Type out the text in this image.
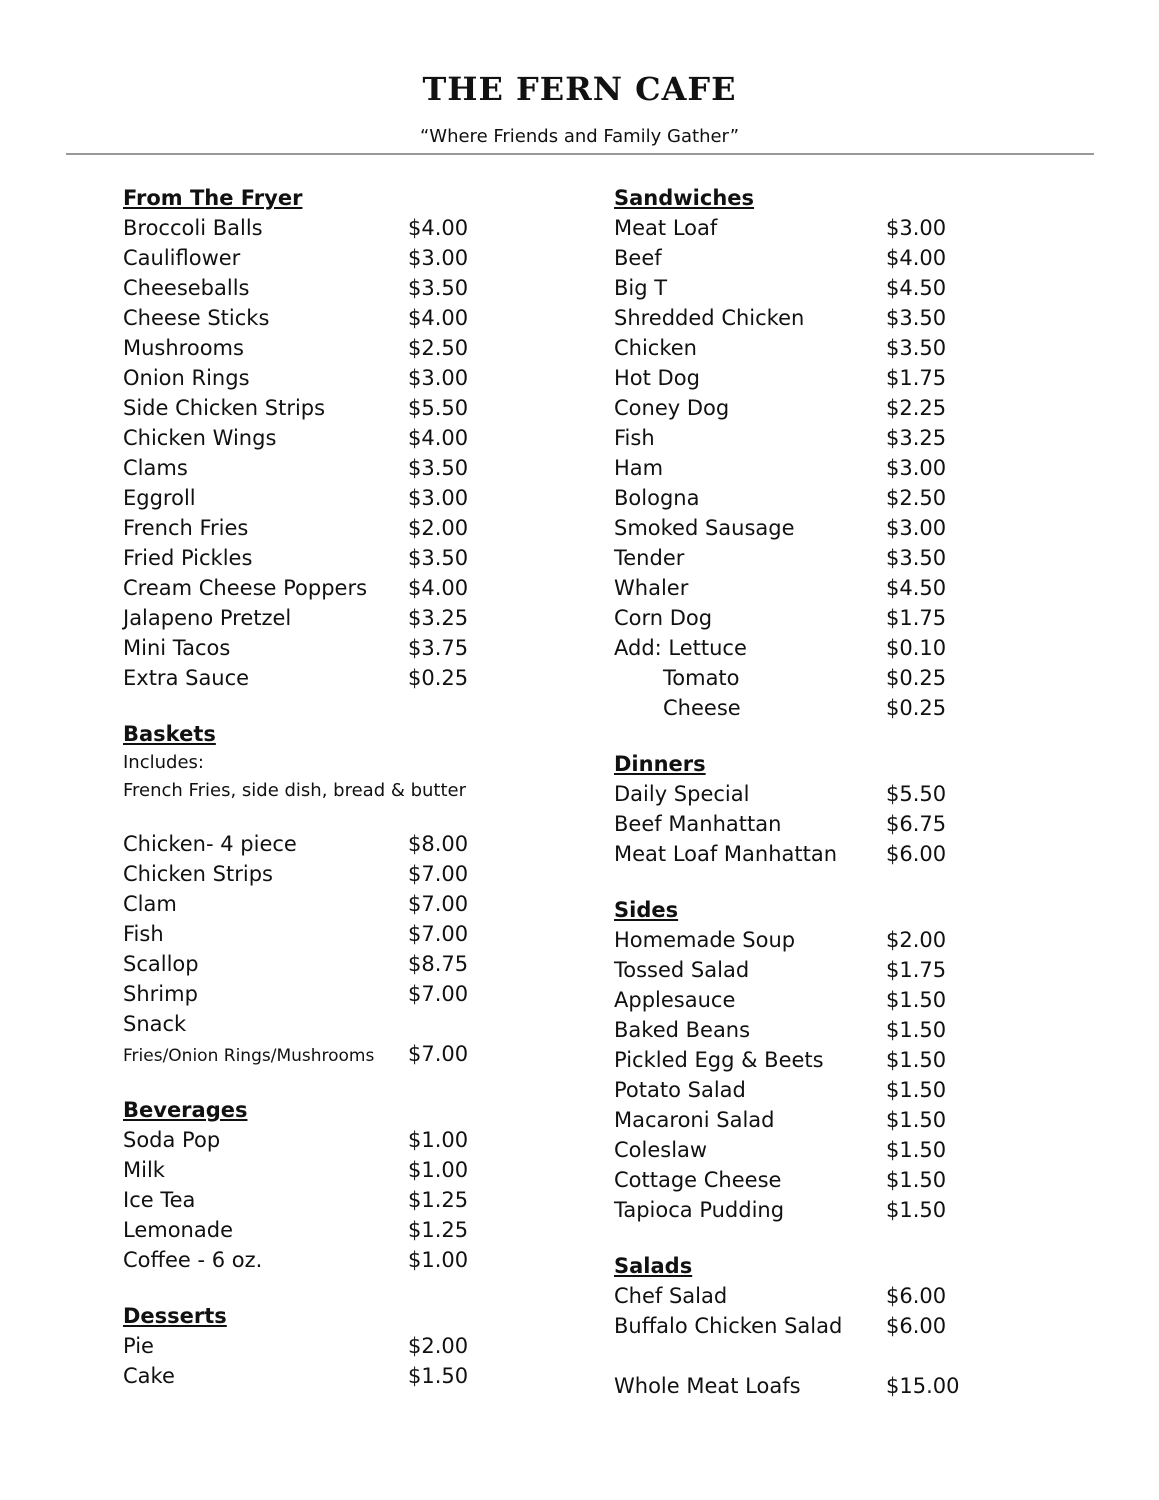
THE FERN CAFE
“Where Friends and Family Gather”
From The Fryer
Broccoli Balls	$4.00
Cauliflower	$3.00
Cheeseballs	$3.50
Cheese Sticks	$4.00
Mushrooms	$2.50
Onion Rings	$3.00
Side Chicken Strips	$5.50
Chicken Wings	$4.00
Clams	$3.50
Eggroll	$3.00
French Fries	$2.00
Fried Pickles	$3.50
Cream Cheese Poppers $4.00
Jalapeno Pretzel	$3.25
Mini Tacos	$3.75
Extra Sauce	$0.25
Baskets
Includes:
French Fries, side dish, bread & butter
Chicken- 4 piece	$8.00
Chicken Strips	$7.00
Clam	$7.00
Fish	$7.00
Scallop	$8.75
Shrimp	$7.00
Snack
Fries/Onion Rings/Mushrooms $7.00
Beverages
Soda Pop	$1.00
Milk	$1.00
Ice Tea	$1.25
Lemonade	$1.25
Coffee - 6 oz.	$1.00
Desserts
Pie	$2.00
Cake	$1.50
Sandwiches
Meat Loaf	$3.00
Beef	$4.00
Big T	$4.50
Shredded Chicken	$3.50
Chicken	$3.50
Hot Dog	$1.75
Coney Dog	$2.25
Fish	$3.25
Ham	$3.00
Bologna	$2.50
Smoked Sausage	$3.00
Tender	$3.50
Whaler	$4.50
Corn Dog	$1.75
Add: Lettuce	$0.10
Tomato	$0.25
Cheese	$0.25
Dinners
Daily Special	$5.50
Beef Manhattan	$6.75
Meat Loaf Manhattan $6.00
Sides
Homemade Soup	$2.00
Tossed Salad	$1.75
Applesauce	$1.50
Baked Beans	$1.50
Pickled Egg & Beets	$1.50
Potato Salad	$1.50
Macaroni Salad	$1.50
Coleslaw	$1.50
Cottage Cheese	$1.50
Tapioca Pudding	$1.50
Salads
Chef Salad	$6.00
Buffalo Chicken Salad $6.00
Whole Meat Loafs	$15.00
